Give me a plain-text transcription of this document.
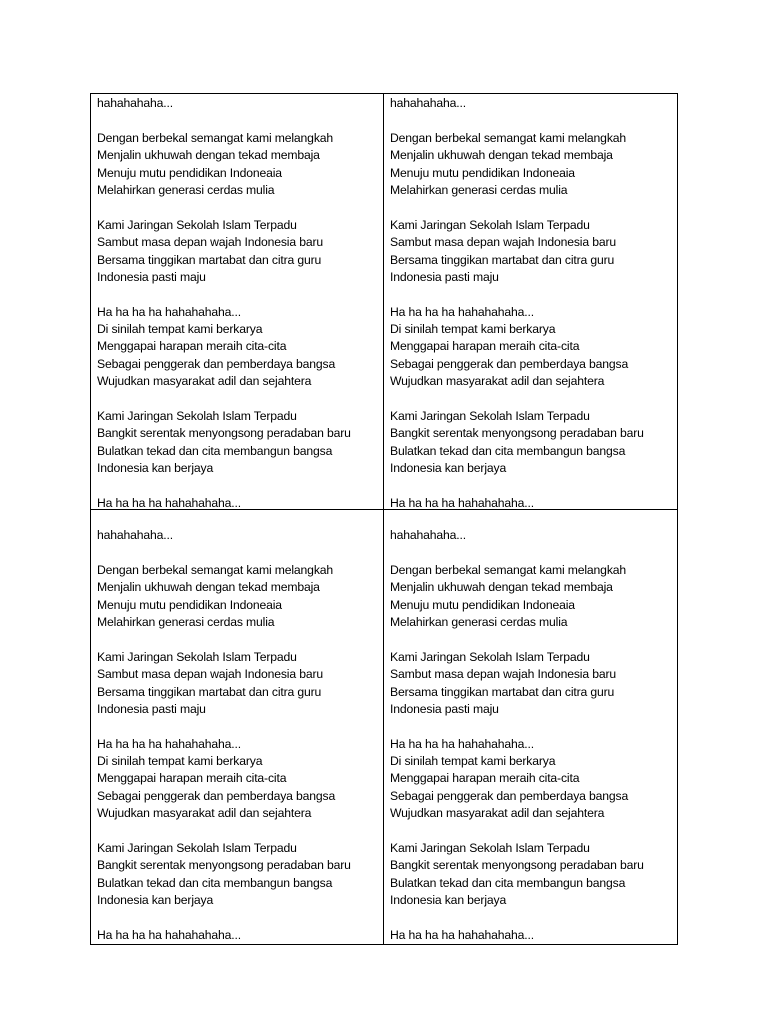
hahahahaha...
Dengan berbekal semangat kami melangkah
Menjalin ukhuwah dengan tekad membaja
Menuju mutu pendidikan Indoneaia
Melahirkan generasi cerdas mulia
Kami Jaringan Sekolah Islam Terpadu
Sambut masa depan wajah Indonesia baru
Bersama tinggikan martabat dan citra guru
Indonesia pasti maju
Ha ha ha ha hahahahaha...
Di sinilah tempat kami berkarya
Menggapai harapan meraih cita-cita
Sebagai penggerak dan pemberdaya bangsa
Wujudkan masyarakat adil dan sejahtera
Kami Jaringan Sekolah Islam Terpadu
Bangkit serentak menyongsong peradaban baru
Bulatkan tekad dan cita membangun bangsa
Indonesia kan berjaya
Ha ha ha ha hahahahaha...
hahahahaha...
Dengan berbekal semangat kami melangkah
Menjalin ukhuwah dengan tekad membaja
Menuju mutu pendidikan Indoneaia
Melahirkan generasi cerdas mulia
Kami Jaringan Sekolah Islam Terpadu
Sambut masa depan wajah Indonesia baru
Bersama tinggikan martabat dan citra guru
Indonesia pasti maju
Ha ha ha ha hahahahaha...
Di sinilah tempat kami berkarya
Menggapai harapan meraih cita-cita
Sebagai penggerak dan pemberdaya bangsa
Wujudkan masyarakat adil dan sejahtera
Kami Jaringan Sekolah Islam Terpadu
Bangkit serentak menyongsong peradaban baru
Bulatkan tekad dan cita membangun bangsa
Indonesia kan berjaya
Ha ha ha ha hahahahaha...
hahahahaha...
Dengan berbekal semangat kami melangkah
Menjalin ukhuwah dengan tekad membaja
Menuju mutu pendidikan Indoneaia
Melahirkan generasi cerdas mulia
Kami Jaringan Sekolah Islam Terpadu
Sambut masa depan wajah Indonesia baru
Bersama tinggikan martabat dan citra guru
Indonesia pasti maju
Ha ha ha ha hahahahaha...
Di sinilah tempat kami berkarya
Menggapai harapan meraih cita-cita
Sebagai penggerak dan pemberdaya bangsa
Wujudkan masyarakat adil dan sejahtera
Kami Jaringan Sekolah Islam Terpadu
Bangkit serentak menyongsong peradaban baru
Bulatkan tekad dan cita membangun bangsa
Indonesia kan berjaya
Ha ha ha ha hahahahaha...
hahahahaha...
Dengan berbekal semangat kami melangkah
Menjalin ukhuwah dengan tekad membaja
Menuju mutu pendidikan Indoneaia
Melahirkan generasi cerdas mulia
Kami Jaringan Sekolah Islam Terpadu
Sambut masa depan wajah Indonesia baru
Bersama tinggikan martabat dan citra guru
Indonesia pasti maju
Ha ha ha ha hahahahaha...
Di sinilah tempat kami berkarya
Menggapai harapan meraih cita-cita
Sebagai penggerak dan pemberdaya bangsa
Wujudkan masyarakat adil dan sejahtera
Kami Jaringan Sekolah Islam Terpadu
Bangkit serentak menyongsong peradaban baru
Bulatkan tekad dan cita membangun bangsa
Indonesia kan berjaya
Ha ha ha ha hahahahaha...
